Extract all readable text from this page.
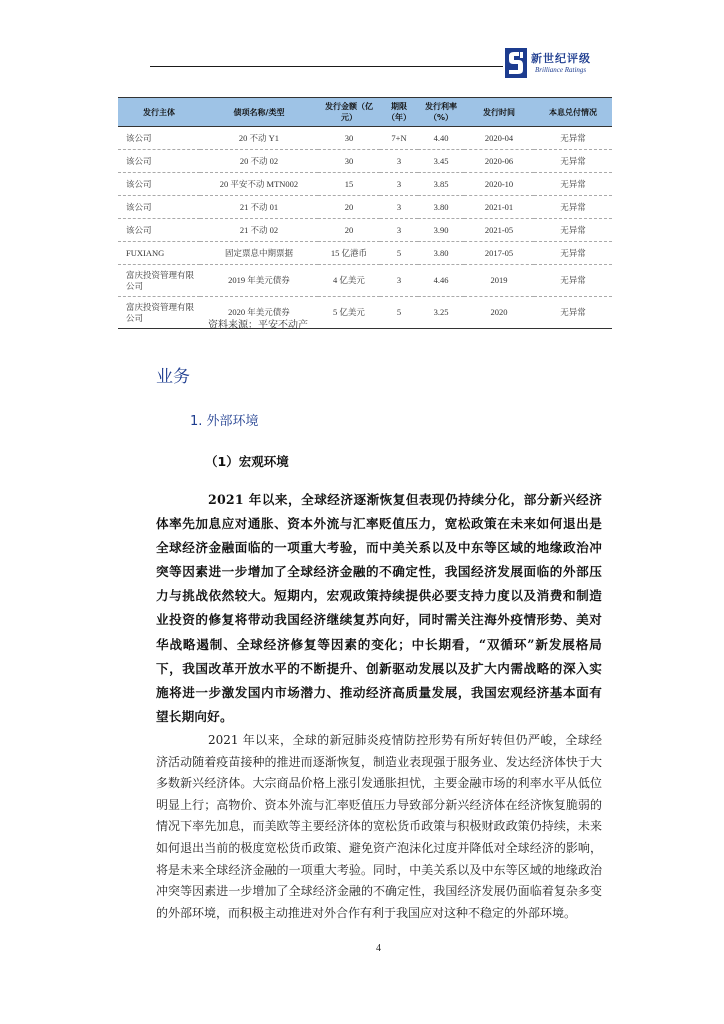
新世纪评级
Brilliance Ratings
发行主体	债项名称/类型	发行金额（亿元）	期限（年）	发行利率（%）	发行时间	本息兑付情况
该公司	20 不动 Y1	30	7+N	4.40	2020-04	无异常
该公司	20 不动 02	30	3	3.45	2020-06	无异常
该公司	20 平安不动 MTN002	15	3	3.85	2020-10	无异常
该公司	21 不动 01	20	3	3.80	2021-01	无异常
该公司	21 不动 02	20	3	3.90	2021-05	无异常
FUXIANG	固定票息中期票据	15 亿港币	5	3.80	2017-05	无异常
富庆投资管理有限公司	2019 年美元债券	4 亿美元	3	4.46	2019	无异常
富庆投资管理有限公司	2020 年美元债券	5 亿美元	5	3.25	2020	无异常
资料来源：平安不动产
业务
1. 外部环境
（1）宏观环境

2021 年以来，全球经济逐渐恢复但表现仍持续分化，部分新兴经济体率先加息应对通胀、资本外流与汇率贬值压力，宽松政策在未来如何退出是全球经济金融面临的一项重大考验，而中美关系以及中东等区域的地缘政治冲突等因素进一步增加了全球经济金融的不确定性，我国经济发展面临的外部压力与挑战依然较大。短期内，宏观政策持续提供必要支持力度以及消费和制造业投资的修复将带动我国经济继续复苏向好，同时需关注海外疫情形势、美对华战略遏制、全球经济修复等因素的变化；中长期看，“双循环”新发展格局下，我国改革开放水平的不断提升、创新驱动发展以及扩大内需战略的深入实施将进一步激发国内市场潜力、推动经济高质量发展，我国宏观经济基本面有望长期向好。

2021 年以来，全球的新冠肺炎疫情防控形势有所好转但仍严峻，全球经济活动随着疫苗接种的推进而逐渐恢复，制造业表现强于服务业、发达经济体快于大多数新兴经济体。大宗商品价格上涨引发通胀担忧，主要金融市场的利率水平从低位明显上行；高物价、资本外流与汇率贬值压力导致部分新兴经济体在经济恢复脆弱的情况下率先加息，而美欧等主要经济体的宽松货币政策与积极财政政策仍持续，未来如何退出当前的极度宽松货币政策、避免资产泡沫化过度并降低对全球经济的影响，将是未来全球经济金融的一项重大考验。同时，中美关系以及中东等区域的地缘政治冲突等因素进一步增加了全球经济金融的不确定性，我国经济发展仍面临着复杂多变的外部环境，而积极主动推进对外合作有利于我国应对这种不稳定的外部环境。

4
